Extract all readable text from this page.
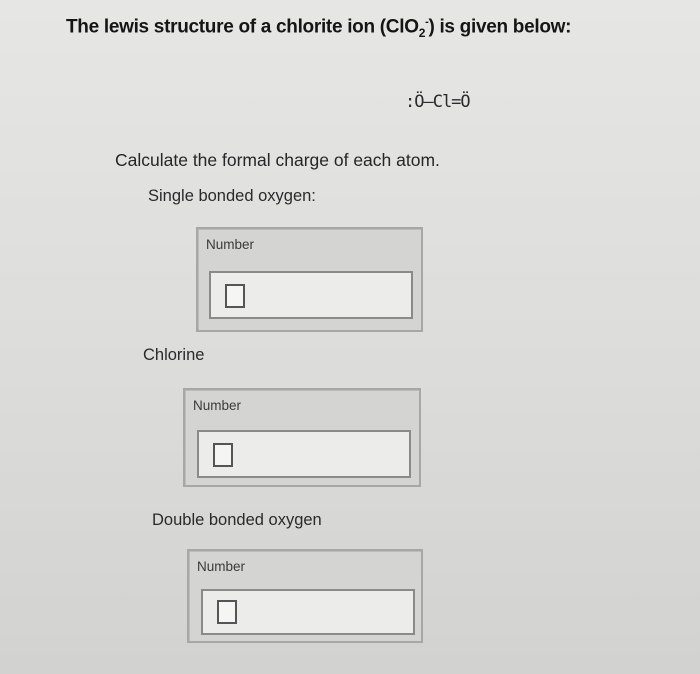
The lewis structure of a chlorite ion (ClO$_2$-) is given below:
:Ö—Cl=Ö
Calculate the formal charge of each atom.
Single bonded oxygen:
Number
Chlorine
Number
Double bonded oxygen
Number
